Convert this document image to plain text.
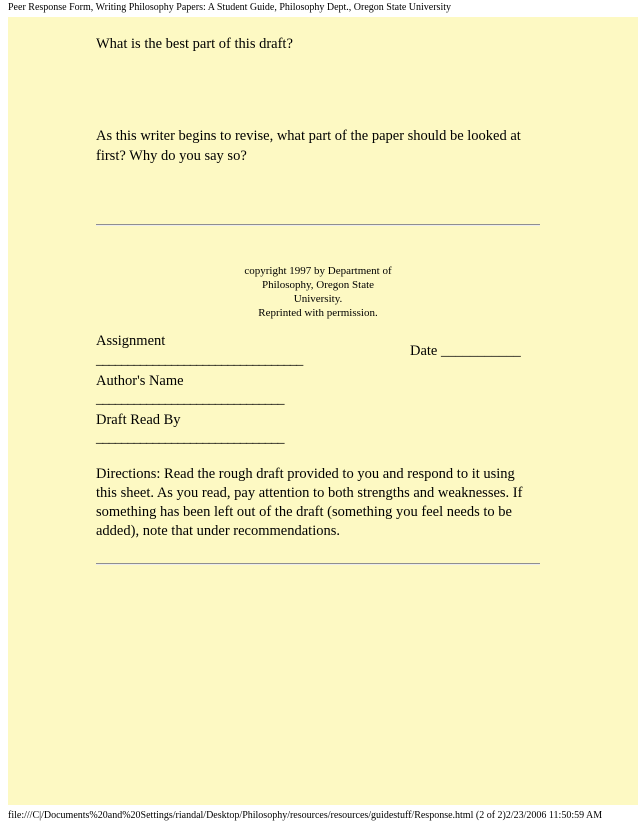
Peer Response Form, Writing Philosophy Papers: A Student Guide, Philosophy Dept., Oregon State University

What is the best part of this draft?

As this writer begins to revise, what part of the paper should be looked at first? Why do you say so?

copyright 1997 by Department of
Philosophy, Oregon State
University.
Reprinted with permission.
Assignment
_________________________________
Date ___________
Author's Name
______________________________
Draft Read By
______________________________

Directions: Read the rough draft provided to you and respond to it using this sheet. As you read, pay attention to both strengths and weaknesses. If something has been left out of the draft (something you feel needs to be added), note that under recommendations.

file:///C|/Documents%20and%20Settings/riandal/Desktop/Philosophy/resources/resources/guidestuff/Response.html (2 of 2)2/23/2006 11:50:59 AM
